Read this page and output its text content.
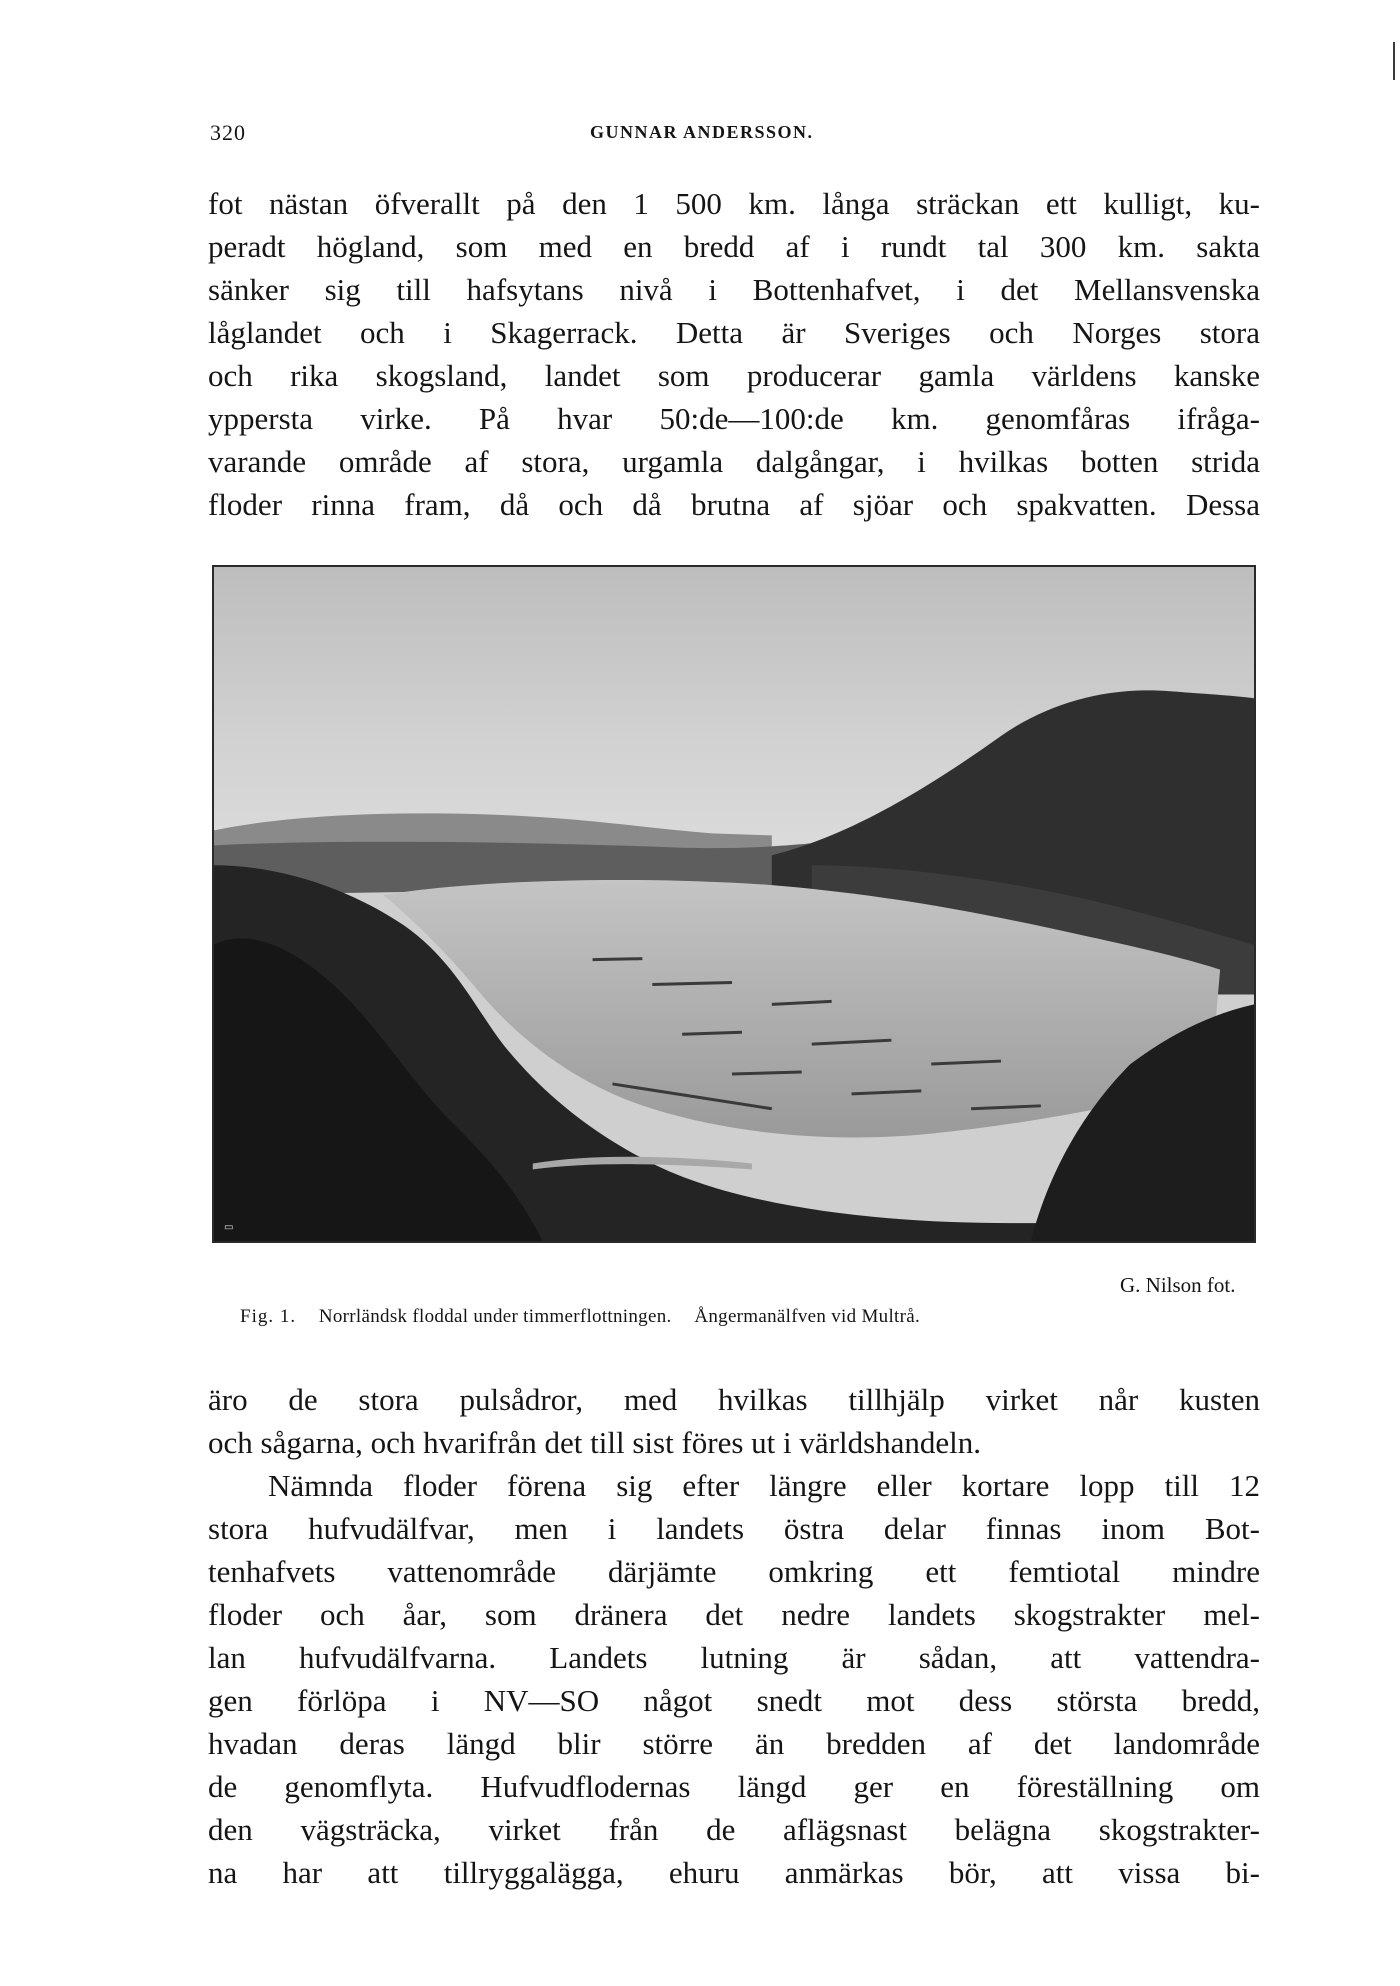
320	GUNNAR ANDERSSON.
fot nästan öfverallt på den 1 500 km. långa sträckan ett kulligt, ku-
peradt högland, som med en bredd af i rundt tal 300 km. sakta
sänker sig till hafsytans nivå i Bottenhafvet, i det Mellansvenska
låglandet och i Skagerrack. Detta är Sveriges och Norges stora
och rika skogsland, landet som producerar gamla världens kanske
yppersta virke. På hvar 50:de—100:de km. genomfåras ifråga-
varande område af stora, urgamla dalgångar, i hvilkas botten strida
floder rinna fram, då och då brutna af sjöar och spakvatten. Dessa
▭
G. Nilson fot.
Fig. 1. Norrländsk floddal under timmerflottningen. Ångermanälfven vid Multrå.
äro de stora pulsådror, med hvilkas tillhjälp virket når kusten
och sågarna, och hvarifrån det till sist föres ut i världshandeln.
Nämnda floder förena sig efter längre eller kortare lopp till 12
stora hufvudälfvar, men i landets östra delar finnas inom Bot-
tenhafvets vattenområde därjämte omkring ett femtiotal mindre
floder och åar, som dränera det nedre landets skogstrakter mel-
lan hufvudälfvarna. Landets lutning är sådan, att vattendra-
gen förlöpa i NV—SO något snedt mot dess största bredd,
hvadan deras längd blir större än bredden af det landområde
de genomflyta. Hufvudflodernas längd ger en föreställning om
den vägsträcka, virket från de aflägsnast belägna skogstrakter-
na har att tillryggalägga, ehuru anmärkas bör, att vissa bi-
